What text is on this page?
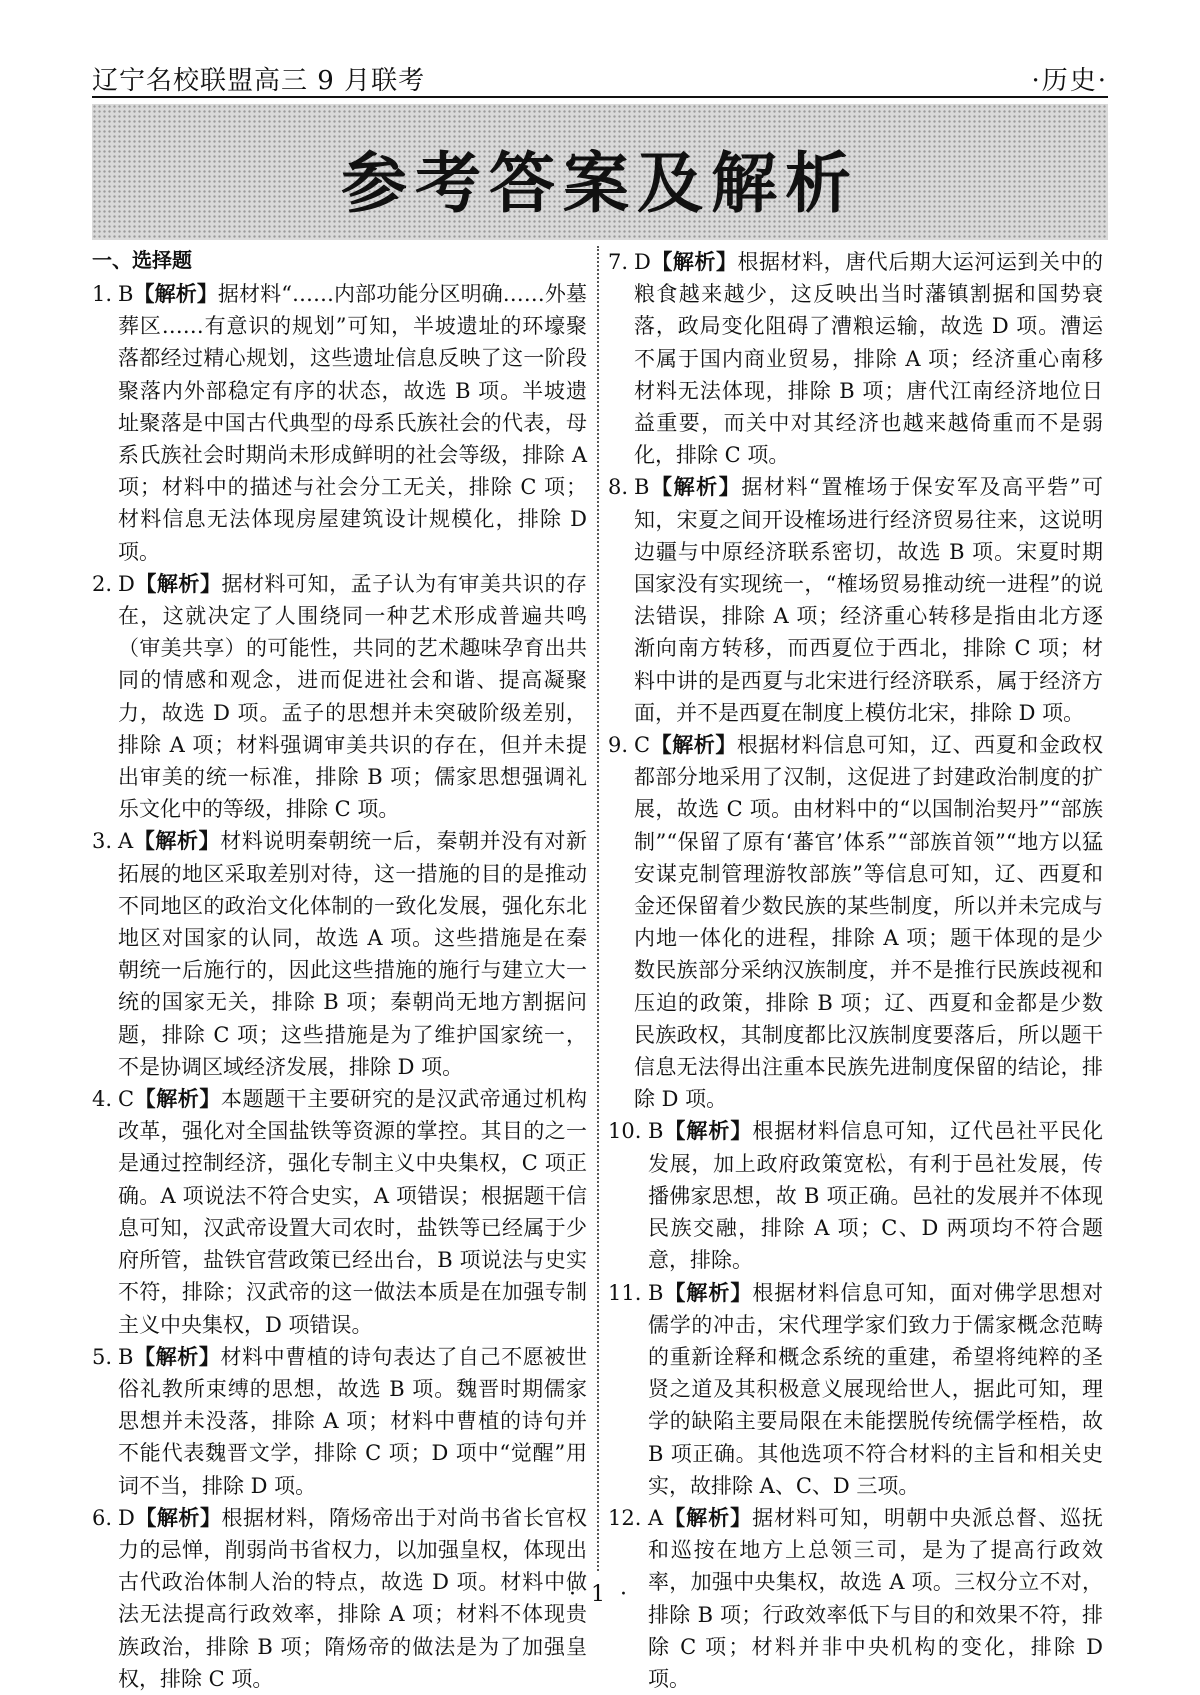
辽宁名校联盟高三 9 月联考	·历史·
参考答案及解析
一、选择题
1. B【解析】据材料“……内部功能分区明确……外墓葬区……有意识的规划”可知，半坡遗址的环壕聚落都经过精心规划，这些遗址信息反映了这一阶段聚落内外部稳定有序的状态，故选 B 项。半坡遗址聚落是中国古代典型的母系氏族社会的代表，母系氏族社会时期尚未形成鲜明的社会等级，排除 A 项；材料中的描述与社会分工无关，排除 C 项；材料信息无法体现房屋建筑设计规模化，排除 D 项。
2. D【解析】据材料可知，孟子认为有审美共识的存在，这就决定了人围绕同一种艺术形成普遍共鸣（审美共享）的可能性，共同的艺术趣味孕育出共同的情感和观念，进而促进社会和谐、提高凝聚力，故选 D 项。孟子的思想并未突破阶级差别，排除 A 项；材料强调审美共识的存在，但并未提出审美的统一标准，排除 B 项；儒家思想强调礼乐文化中的等级，排除 C 项。
3. A【解析】材料说明秦朝统一后，秦朝并没有对新拓展的地区采取差别对待，这一措施的目的是推动不同地区的政治文化体制的一致化发展，强化东北地区对国家的认同，故选 A 项。这些措施是在秦朝统一后施行的，因此这些措施的施行与建立大一统的国家无关，排除 B 项；秦朝尚无地方割据问题，排除 C 项；这些措施是为了维护国家统一，不是协调区域经济发展，排除 D 项。
4. C【解析】本题题干主要研究的是汉武帝通过机构改革，强化对全国盐铁等资源的掌控。其目的之一是通过控制经济，强化专制主义中央集权，C 项正确。A 项说法不符合史实，A 项错误；根据题干信息可知，汉武帝设置大司农时，盐铁等已经属于少府所管，盐铁官营政策已经出台，B 项说法与史实不符，排除；汉武帝的这一做法本质是在加强专制主义中央集权，D 项错误。
5. B【解析】材料中曹植的诗句表达了自己不愿被世俗礼教所束缚的思想，故选 B 项。魏晋时期儒家思想并未没落，排除 A 项；材料中曹植的诗句并不能代表魏晋文学，排除 C 项；D 项中“觉醒”用词不当，排除 D 项。
6. D【解析】根据材料，隋炀帝出于对尚书省长官权力的忌惮，削弱尚书省权力，以加强皇权，体现出古代政治体制人治的特点，故选 D 项。材料中做法无法提高行政效率，排除 A 项；材料不体现贵族政治，排除 B 项；隋炀帝的做法是为了加强皇权，排除 C 项。
7. D【解析】根据材料，唐代后期大运河运到关中的粮食越来越少，这反映出当时藩镇割据和国势衰落，政局变化阻碍了漕粮运输，故选 D 项。漕运不属于国内商业贸易，排除 A 项；经济重心南移材料无法体现，排除 B 项；唐代江南经济地位日益重要，而关中对其经济也越来越倚重而不是弱化，排除 C 项。
8. B【解析】据材料“置榷场于保安军及高平砦”可知，宋夏之间开设榷场进行经济贸易往来，这说明边疆与中原经济联系密切，故选 B 项。宋夏时期国家没有实现统一，“榷场贸易推动统一进程”的说法错误，排除 A 项；经济重心转移是指由北方逐渐向南方转移，而西夏位于西北，排除 C 项；材料中讲的是西夏与北宋进行经济联系，属于经济方面，并不是西夏在制度上模仿北宋，排除 D 项。
9. C【解析】根据材料信息可知，辽、西夏和金政权都部分地采用了汉制，这促进了封建政治制度的扩展，故选 C 项。由材料中的“以国制治契丹”“部族制”“保留了原有‘蕃官’体系”“部族首领”“地方以猛安谋克制管理游牧部族”等信息可知，辽、西夏和金还保留着少数民族的某些制度，所以并未完成与内地一体化的进程，排除 A 项；题干体现的是少数民族部分采纳汉族制度，并不是推行民族歧视和压迫的政策，排除 B 项；辽、西夏和金都是少数民族政权，其制度都比汉族制度要落后，所以题干信息无法得出注重本民族先进制度保留的结论，排除 D 项。
10. B【解析】根据材料信息可知，辽代邑社平民化发展，加上政府政策宽松，有利于邑社发展，传播佛家思想，故 B 项正确。邑社的发展并不体现民族交融，排除 A 项；C、D 两项均不符合题意，排除。
11. B【解析】根据材料信息可知，面对佛学思想对儒学的冲击，宋代理学家们致力于儒家概念范畴的重新诠释和概念系统的重建，希望将纯粹的圣贤之道及其积极意义展现给世人，据此可知，理学的缺陷主要局限在未能摆脱传统儒学桎梏，故 B 项正确。其他选项不符合材料的主旨和相关史实，故排除 A、C、D 三项。
12. A【解析】据材料可知，明朝中央派总督、巡抚和巡按在地方上总领三司，是为了提高行政效率，加强中央集权，故选 A 项。三权分立不对，排除 B 项；行政效率低下与目的和效果不符，排除 C 项；材料并非中央机构的变化，排除 D 项。
· 1 ·
